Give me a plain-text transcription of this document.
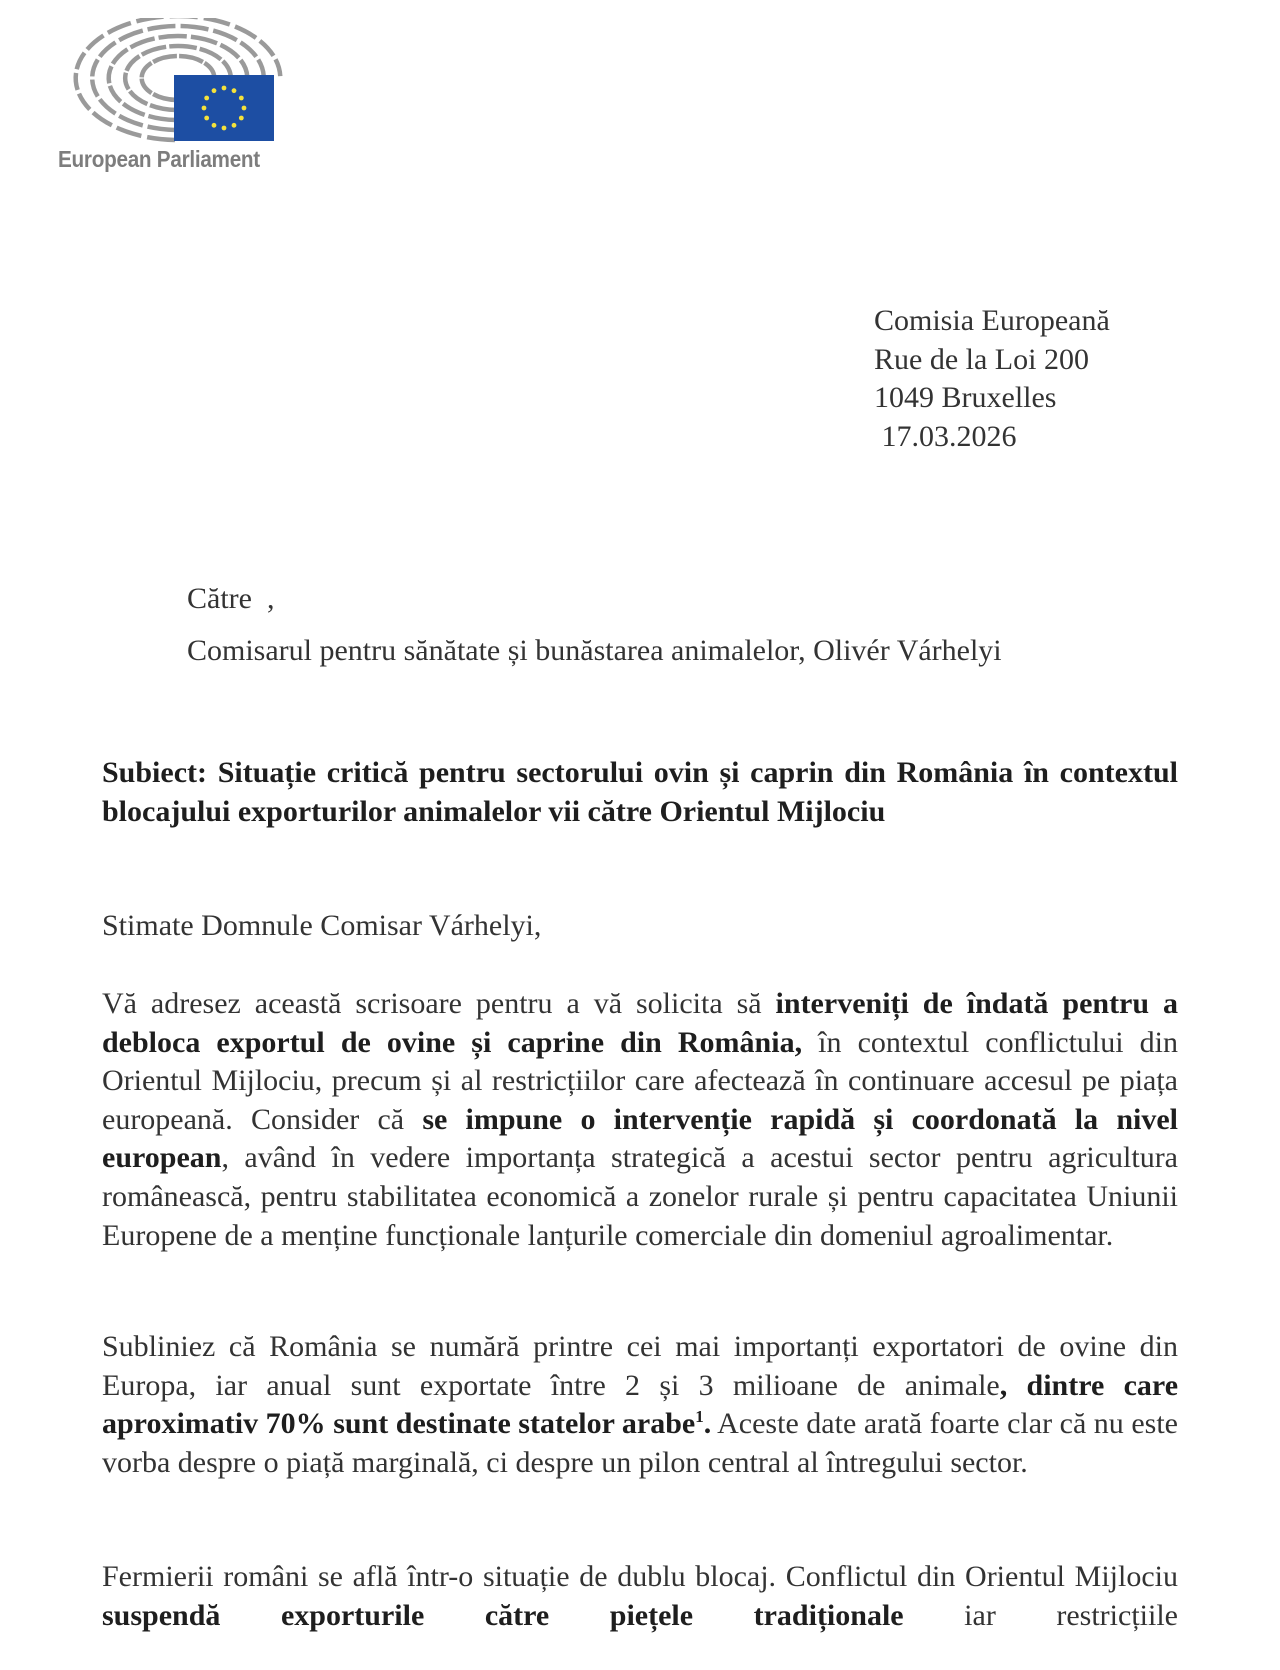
European Parliament
Comisia Europeană
Rue de la Loi 200
1049 Bruxelles
17.03.2026
Către  ,
Comisarul pentru sănătate și bunăstarea animalelor, Olivér Várhelyi
Subiect: Situație critică pentru sectorului ovin și caprin din România în contextul blocajului exporturilor animalelor vii către Orientul Mijlociu
Stimate Domnule Comisar Várhelyi,
Vă adresez această scrisoare pentru a vă solicita să interveniți de îndată pentru a debloca exportul de ovine și caprine din România, în contextul conflictului din Orientul Mijlociu, precum și al restricțiilor care afectează în continuare accesul pe piața europeană. Consider că se impune o intervenție rapidă și coordonată la nivel european, având în vedere importanța strategică a acestui sector pentru agricultura românească, pentru stabilitatea economică a zonelor rurale și pentru capacitatea Uniunii Europene de a menține funcționale lanțurile comerciale din domeniul agroalimentar.
Subliniez că România se numără printre cei mai importanți exportatori de ovine din Europa, iar anual sunt exportate între 2 și 3 milioane de animale, dintre care aproximativ 70% sunt destinate statelor arabe$^1$. Aceste date arată foarte clar că nu este vorba despre o piață marginală, ci despre un pilon central al întregului sector.
Fermierii români se află într-o situație de dublu blocaj. Conflictul din Orientul Mijlociu suspendă exporturile către piețele tradiționale iar restricțiile
